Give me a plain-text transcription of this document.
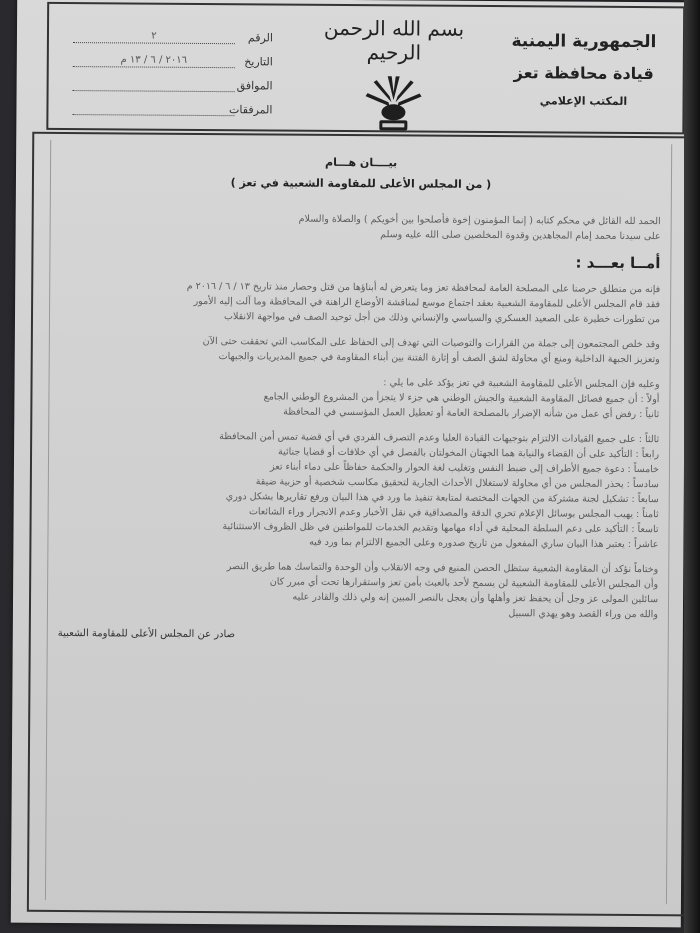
الجمهورية اليمنية
قيادة محافظة تعز
المكتب الإعلامي
بسم الله الرحمن الرحيم
الرقم
٢
التاريخ
٢٠١٦ / ٦ / ١٣ م
الموافق
المرفقات
بيــــان هـــام
( من المجلس الأعلى للمقاومة الشعبية في تعز )
الحمد لله القائل في محكم كتابه ( إنما المؤمنون إخوة فأصلحوا بين أخويكم ) والصلاة والسلام
على سيدنا محمد إمام المجاهدين وقدوة المخلصين صلى الله عليه وسلم
أمــا بعـــد :
فإنه من منطلق حرصنا على المصلحة العامة لمحافظة تعز وما يتعرض له أبناؤها من قتل وحصار منذ تاريخ ١٣ / ٦ / ٢٠١٦ م
فقد قام المجلس الأعلى للمقاومة الشعبية بعقد اجتماع موسع لمناقشة الأوضاع الراهنة في المحافظة وما آلت إليه الأمور
من تطورات خطيرة على الصعيد العسكري والسياسي والإنساني وذلك من أجل توحيد الصف في مواجهة الانقلاب
وقد خلص المجتمعون إلى جملة من القرارات والتوصيات التي تهدف إلى الحفاظ على المكاسب التي تحققت حتى الآن
وتعزيز الجبهة الداخلية ومنع أي محاولة لشق الصف أو إثارة الفتنة بين أبناء المقاومة في جميع المديريات والجبهات
وعليه فإن المجلس الأعلى للمقاومة الشعبية في تعز يؤكد على ما يلي :
أولاً : أن جميع فصائل المقاومة الشعبية والجيش الوطني هي جزء لا يتجزأ من المشروع الوطني الجامع
ثانياً : رفض أي عمل من شأنه الإضرار بالمصلحة العامة أو تعطيل العمل المؤسسي في المحافظة
ثالثاً : على جميع القيادات الالتزام بتوجيهات القيادة العليا وعدم التصرف الفردي في أي قضية تمس أمن المحافظة
رابعاً : التأكيد على أن القضاء والنيابة هما الجهتان المخولتان بالفصل في أي خلافات أو قضايا جنائية
خامساً : دعوة جميع الأطراف إلى ضبط النفس وتغليب لغة الحوار والحكمة حفاظاً على دماء أبناء تعز
سادساً : يحذر المجلس من أي محاولة لاستغلال الأحداث الجارية لتحقيق مكاسب شخصية أو حزبية ضيقة
سابعاً : تشكيل لجنة مشتركة من الجهات المختصة لمتابعة تنفيذ ما ورد في هذا البيان ورفع تقاريرها بشكل دوري
ثامناً : يهيب المجلس بوسائل الإعلام تحري الدقة والمصداقية في نقل الأخبار وعدم الانجرار وراء الشائعات
تاسعاً : التأكيد على دعم السلطة المحلية في أداء مهامها وتقديم الخدمات للمواطنين في ظل الظروف الاستثنائية
عاشراً : يعتبر هذا البيان ساري المفعول من تاريخ صدوره وعلى الجميع الالتزام بما ورد فيه
وختاماً نؤكد أن المقاومة الشعبية ستظل الحصن المنيع في وجه الانقلاب وأن الوحدة والتماسك هما طريق النصر
وأن المجلس الأعلى للمقاومة الشعبية لن يسمح لأحد بالعبث بأمن تعز واستقرارها تحت أي مبرر كان
سائلين المولى عز وجل أن يحفظ تعز وأهلها وأن يعجل بالنصر المبين إنه ولي ذلك والقادر عليه
والله من وراء القصد وهو يهدي السبيل
صادر عن المجلس الأعلى للمقاومة الشعبية
